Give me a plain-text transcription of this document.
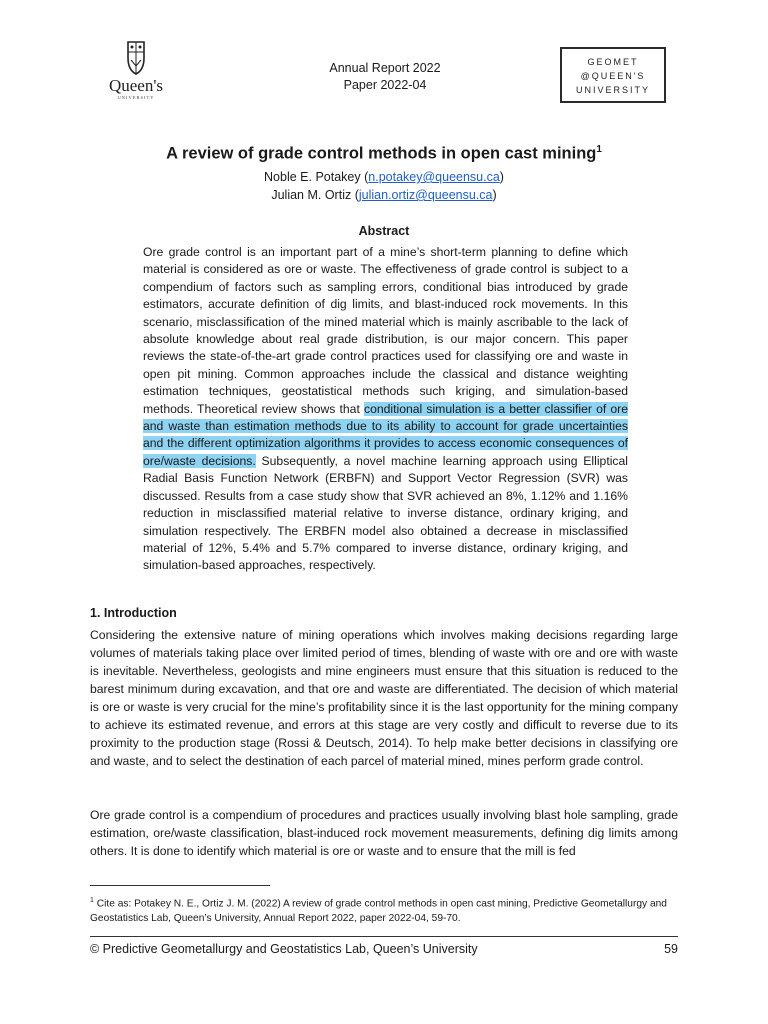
Queen's
UNIVERSITY
Annual Report 2022
Paper 2022-04
GEOMET
@QUEEN'S
UNIVERSITY
A review of grade control methods in open cast mining$^1$
Noble E. Potakey (n.potakey@queensu.ca)
Julian M. Ortiz (julian.ortiz@queensu.ca)
Abstract

Ore grade control is an important part of a mine’s short-term planning to define which material is considered as ore or waste. The effectiveness of grade control is subject to a compendium of factors such as sampling errors, conditional bias introduced by grade estimators, accurate definition of dig limits, and blast-induced rock movements. In this scenario, misclassification of the mined material which is mainly ascribable to the lack of absolute knowledge about real grade distribution, is our major concern. This paper reviews the state-of-the-art grade control practices used for classifying ore and waste in open pit mining. Common approaches include the classical and distance weighting estimation techniques, geostatistical methods such kriging, and simulation-based methods. Theoretical review shows that conditional simulation is a better classifier of ore and waste than estimation methods due to its ability to account for grade uncertainties and the different optimization algorithms it provides to access economic consequences of ore/waste decisions. Subsequently, a novel machine learning approach using Elliptical Radial Basis Function Network (ERBFN) and Support Vector Regression (SVR) was discussed. Results from a case study show that SVR achieved an 8%, 1.12% and 1.16% reduction in misclassified material relative to inverse distance, ordinary kriging, and simulation respectively. The ERBFN model also obtained a decrease in misclassified material of 12%, 5.4% and 5.7% compared to inverse distance, ordinary kriging, and simulation-based approaches, respectively.

1. Introduction

Considering the extensive nature of mining operations which involves making decisions regarding large volumes of materials taking place over limited period of times, blending of waste with ore and ore with waste is inevitable. Nevertheless, geologists and mine engineers must ensure that this situation is reduced to the barest minimum during excavation, and that ore and waste are differentiated. The decision of which material is ore or waste is very crucial for the mine’s profitability since it is the last opportunity for the mining company to achieve its estimated revenue, and errors at this stage are very costly and difficult to reverse due to its proximity to the production stage (Rossi & Deutsch, 2014). To help make better decisions in classifying ore and waste, and to select the destination of each parcel of material mined, mines perform grade control.

Ore grade control is a compendium of procedures and practices usually involving blast hole sampling, grade estimation, ore/waste classification, blast-induced rock movement measurements, defining dig limits among others. It is done to identify which material is ore or waste and to ensure that the mill is fed

$^1$ Cite as: Potakey N. E., Ortiz J. M. (2022) A review of grade control methods in open cast mining, Predictive Geometallurgy and Geostatistics Lab, Queen’s University, Annual Report 2022, paper 2022-04, 59-70.

© Predictive Geometallurgy and Geostatistics Lab, Queen’s University	59
